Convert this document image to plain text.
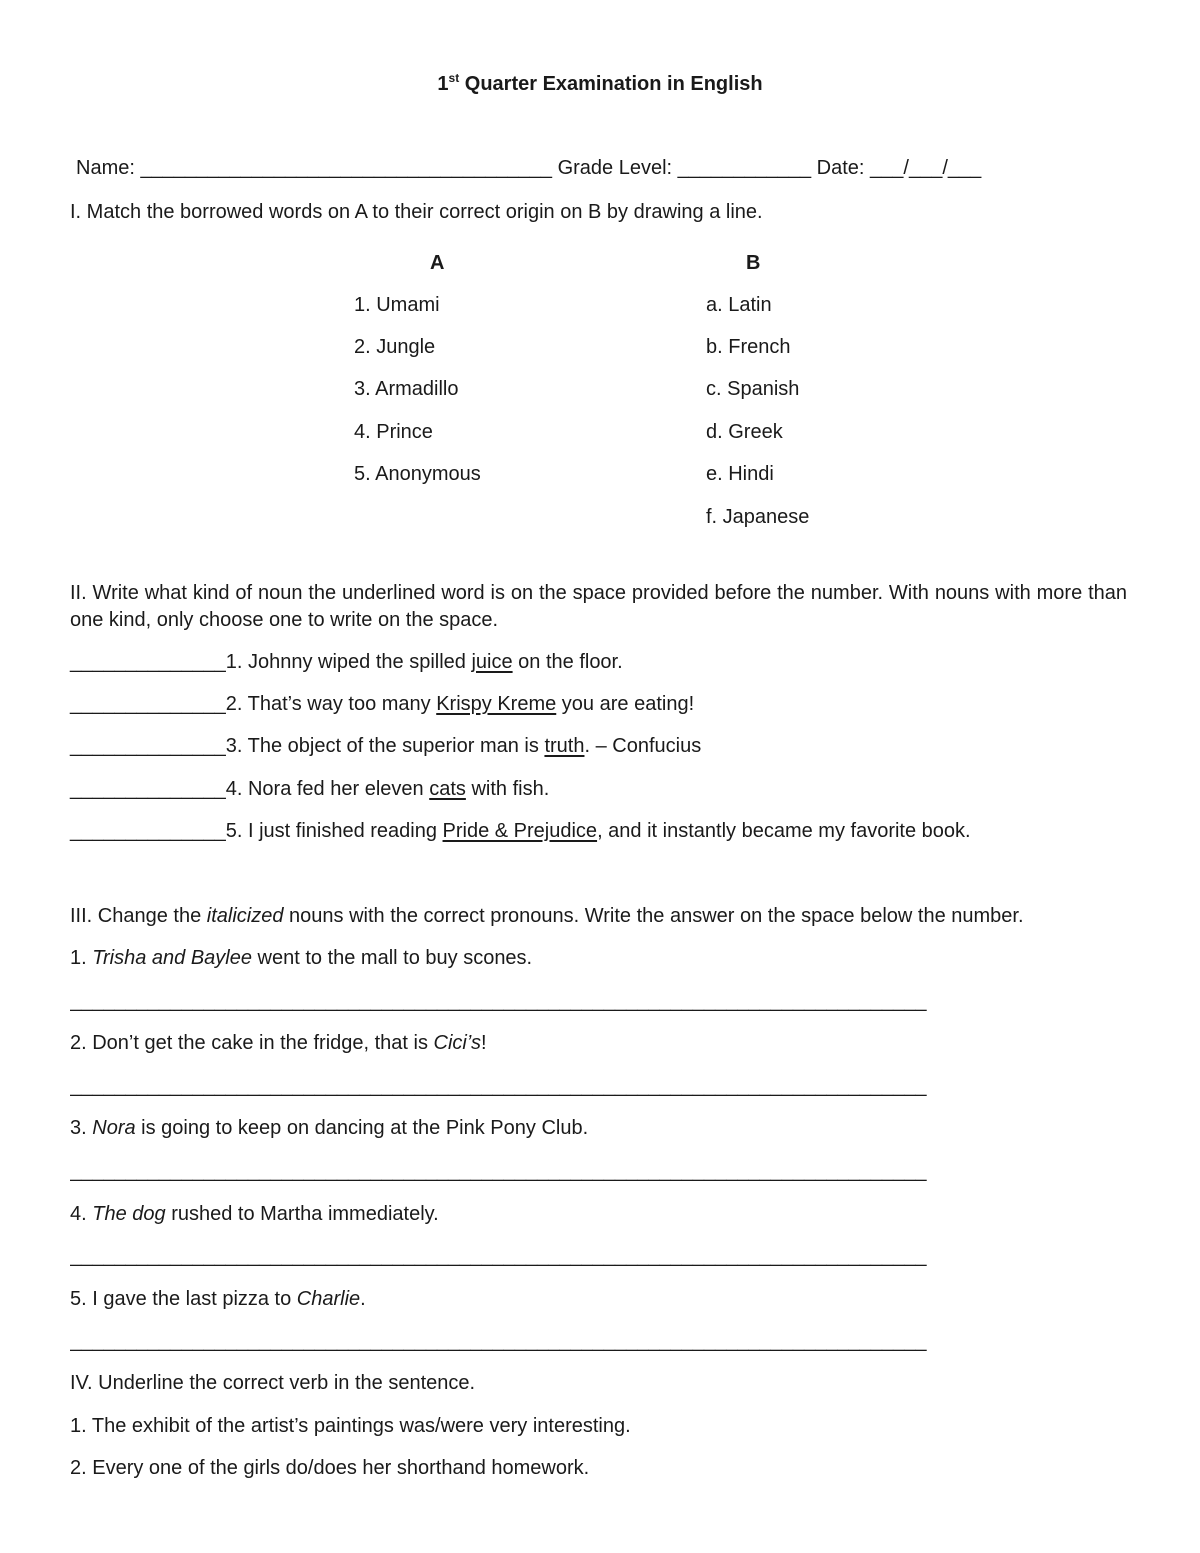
1st Quarter Examination in English
Name: _____________________________________ Grade Level: ____________ Date: ___/___/___
I. Match the borrowed words on A to their correct origin on B by drawing a line.
A	B
1. Umami
2. Jungle
3. Armadillo
4. Prince
5. Anonymous
a. Latin
b. French
c. Spanish
d. Greek
e. Hindi
f. Japanese
II. Write what kind of noun the underlined word is on the space provided before the number. With nouns with more than one kind, only choose one to write on the space.
______________1. Johnny wiped the spilled juice on the floor.
______________2. That’s way too many Krispy Kreme you are eating!
______________3. The object of the superior man is truth. – Confucius
______________4. Nora fed her eleven cats with fish.
______________5. I just finished reading Pride & Prejudice, and it instantly became my favorite book.
III. Change the italicized nouns with the correct pronouns. Write the answer on the space below the number.
1. Trisha and Baylee went to the mall to buy scones.
_____________________________________________________________________________
2. Don’t get the cake in the fridge, that is Cici’s!
_____________________________________________________________________________
3. Nora is going to keep on dancing at the Pink Pony Club.
_____________________________________________________________________________
4. The dog rushed to Martha immediately.
_____________________________________________________________________________
5. I gave the last pizza to Charlie.
_____________________________________________________________________________
IV. Underline the correct verb in the sentence.
1. The exhibit of the artist’s paintings was/were very interesting.
2. Every one of the girls do/does her shorthand homework.
